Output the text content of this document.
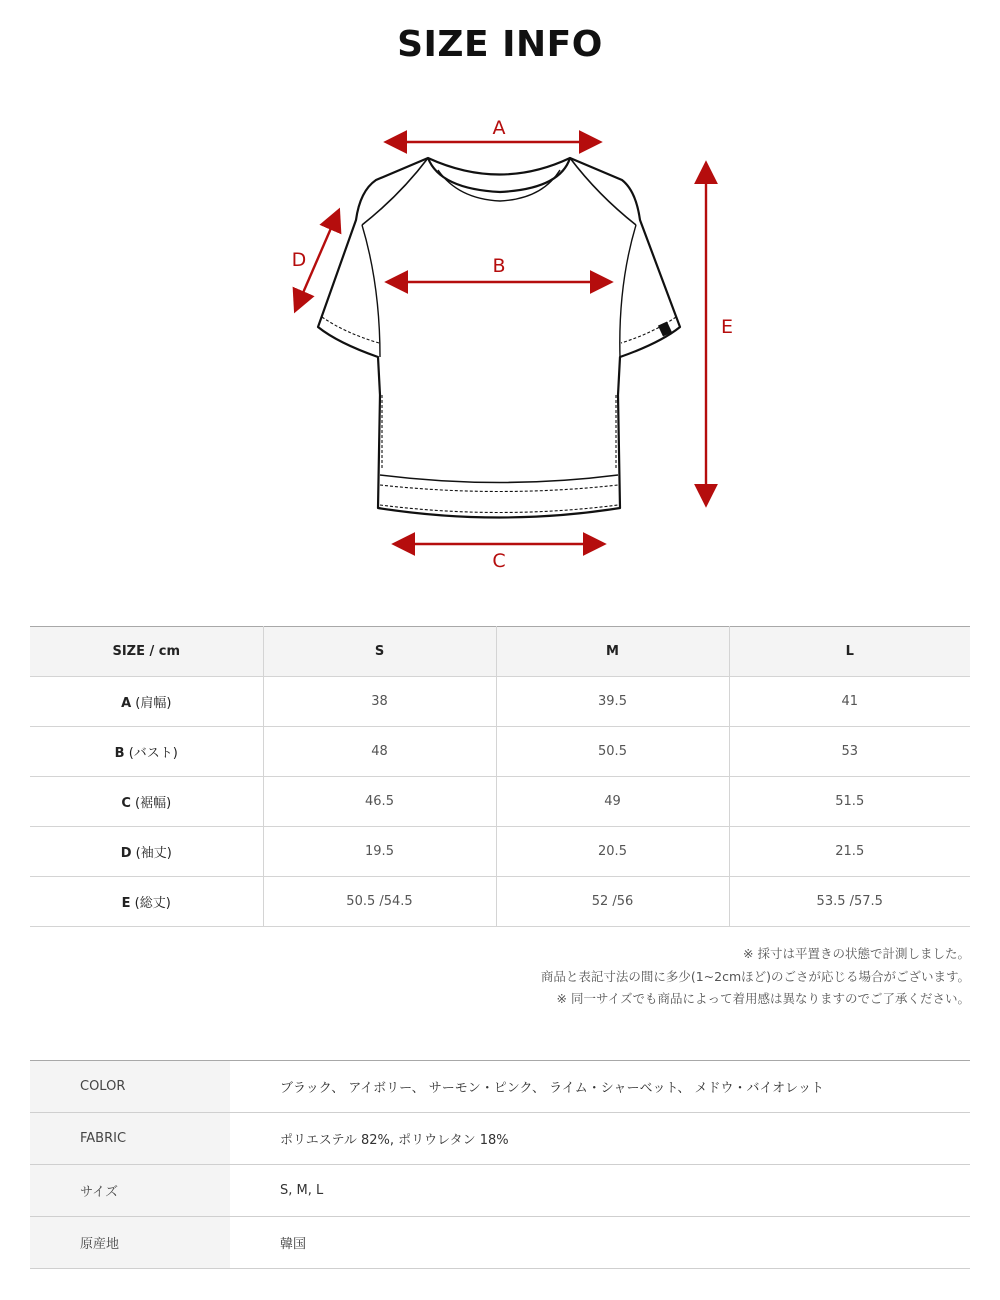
SIZE INFO
A
B
C
D
E
SIZE / cm	S	M	L
A (肩幅)	38	39.5	41
B (バスト)	48	50.5	53
C (裾幅)	46.5	49	51.5
D (袖丈)	19.5	20.5	21.5
E (総丈)	50.5 /54.5	52 /56	53.5 /57.5
※ 採寸は平置きの状態で計測しました。
商品と表記寸法の間に多少(1~2cmほど)のごさが応じる場合がございます。
※ 同一サイズでも商品によって着用感は異なりますのでご了承ください。
COLOR	ブラック、 アイボリー、 サーモン・ピンク、 ライム・シャーベット、 メドウ・バイオレット
FABRIC	ポリエステル 82%, ポリウレタン 18%
サイズ	S, M, L
原産地	韓国
